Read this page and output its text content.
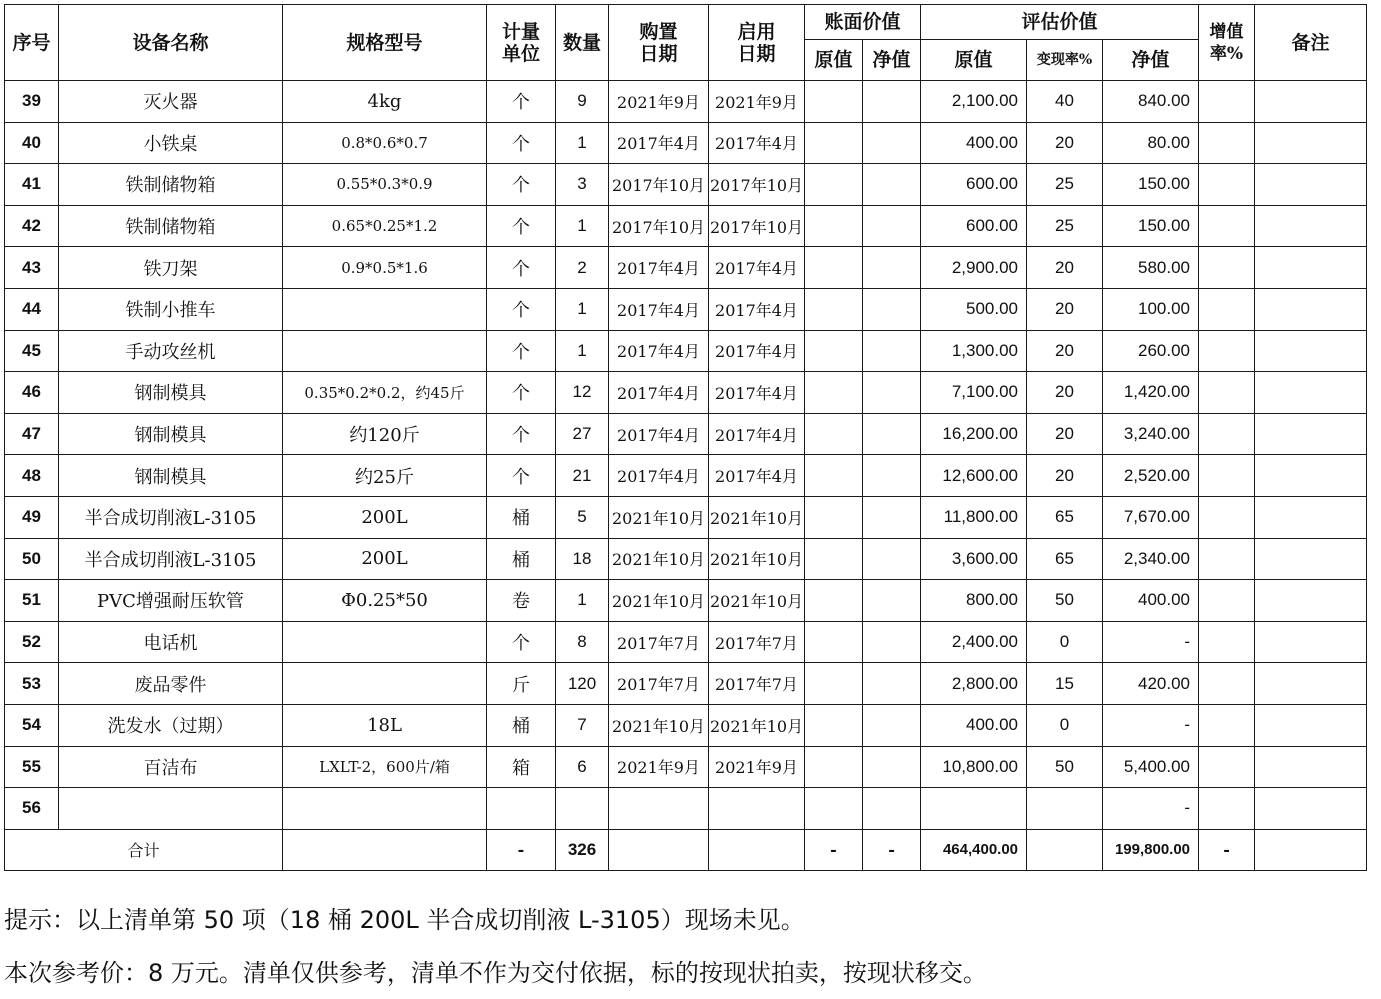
序号	设备名称	规格型号	计量单位	数量	购置日期	启用日期	账面价值		评估价值			增值率%	备注
							原值	净值	原值	变现率%	净值		
39	灭火器	4kg	个	9	2021年9月	2021年9月			2,100.00	40	840.00		
40	小铁桌	0.8*0.6*0.7	个	1	2017年4月	2017年4月			400.00	20	80.00		
41	铁制储物箱	0.55*0.3*0.9	个	3	2017年10月	2017年10月			600.00	25	150.00		
42	铁制储物箱	0.65*0.25*1.2	个	1	2017年10月	2017年10月			600.00	25	150.00		
43	铁刀架	0.9*0.5*1.6	个	2	2017年4月	2017年4月			2,900.00	20	580.00		
44	铁制小推车		个	1	2017年4月	2017年4月			500.00	20	100.00		
45	手动攻丝机		个	1	2017年4月	2017年4月			1,300.00	20	260.00		
46	钢制模具	0.35*0.2*0.2，约45斤	个	12	2017年4月	2017年4月			7,100.00	20	1,420.00		
47	钢制模具	约120斤	个	27	2017年4月	2017年4月			16,200.00	20	3,240.00		
48	钢制模具	约25斤	个	21	2017年4月	2017年4月			12,600.00	20	2,520.00		
49	半合成切削液L-3105	200L	桶	5	2021年10月	2021年10月			11,800.00	65	7,670.00		
50	半合成切削液L-3105	200L	桶	18	2021年10月	2021年10月			3,600.00	65	2,340.00		
51	PVC增强耐压软管	Φ0.25*50	卷	1	2021年10月	2021年10月			800.00	50	400.00		
52	电话机		个	8	2017年7月	2017年7月			2,400.00	0	-		
53	废品零件		斤	120	2017年7月	2017年7月			2,800.00	15	420.00		
54	洗发水（过期）	18L	桶	7	2021年10月	2021年10月			400.00	0	-		
55	百洁布	LXLT-2，600片/箱	箱	6	2021年9月	2021年9月			10,800.00	50	5,400.00		
56											-		
合计			-	326			-	-	464,400.00		199,800.00	-	
提示：以上清单第 50 项（18 桶 200L 半合成切削液 L-3105）现场未见。
本次参考价：8 万元。清单仅供参考，清单不作为交付依据，标的按现状拍卖，按现状移交。
